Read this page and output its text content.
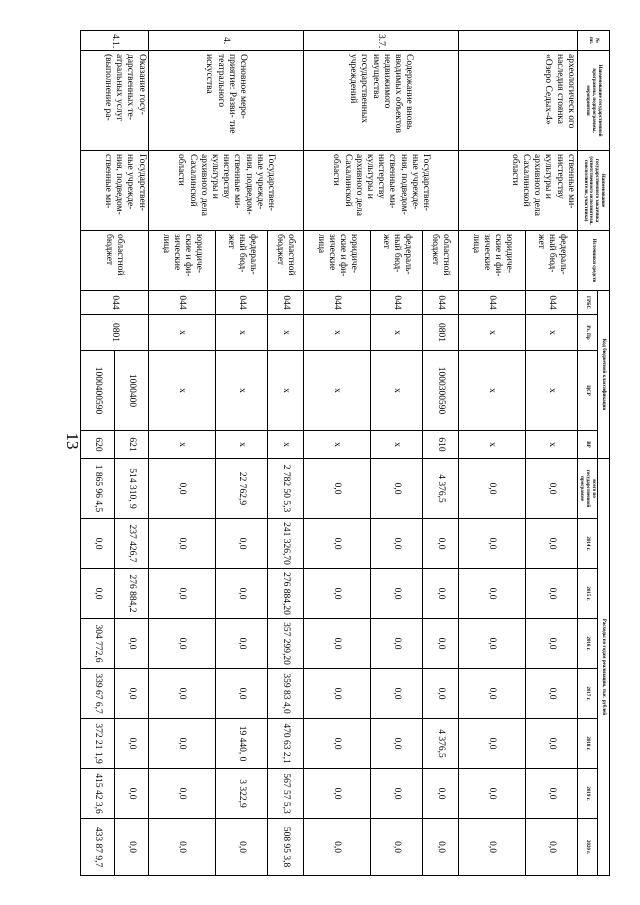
13
№ пп.	Наименование государственной программы, подпрограммы, мероприятия	Наименование государственного заказчика (ответственного исполнителя, соисполнителя, участника)	Источники средств	Код бюджетной классификации				Расходы по годам реализации, тыс. рублей							
				ГРБС	Рз, Пр	ЦСР	ВР	всего по государственной программе	2014 г.	2015 г.	2016 г.	2017 г.	2018 г.	2019 г.	2020 г.
	археологическ ого наследия стоянка «Озеро Седых-4»	ственные ми- нистерству культуры и архивного дела Сахалинской области	федераль- ный бюд- жет	044	x	x	x	0,0	0,0	0,0	0,0	0,0	0,0	0,0	0,0
			юридиче- ские и фи- зические лица	044	x	x	x	0,0	0,0	0,0	0,0	0,0	0,0	0,0	0,0
3.7.	Содержание вновь вводимых объектов недвижимого имущества государственных учреждений	Государствен- ные учрежде- ния, подведом- ственные ми- нистерству культуры и архивного дела Сахалинской области	областной бюджет	044	0801	1000300590	610	4 376,5	0,0	0,0	0,0	0,0	4 376,5	0,0	0,0
			федераль- ный бюд- жет	044	x	x	x	0,0	0,0	0,0	0,0	0,0	0,0	0,0	0,0
			юридиче- ские и фи- зические лица	044	x	x	x	0,0	0,0	0,0	0,0	0,0	0,0	0,0	0,0
4.	Основное меро- приятие: Разви- тие театрального искусства	Государствен- ные учрежде- ния, подведом- ственные ми- нистерству культуры и архивного дела Сахалинской области	областной бюджет	044	x	x	x	2 782 50 5,3	241 326,70	276 884,20	357 299,20	359 83 4,0	470 63 2,1	567 57 5,3	508 95 3,8
			федераль- ный бюд- жет	044	x	x	x	22 762,9	0,0	0,0	0,0	0,0	19 440, 0	3 322,9	0,0
			юридиче- ские и фи- зические лица	044	x	x	x	0,0	0,0	0,0	0,0	0,0	0,0	0,0	0,0
4.1.	Оказание госу- дарственных те- атральных услуг (выполнение ра-	Государствен- ные учрежде- ния, подведом- ственные ми-	областной бюджет	044	0801	1000400	621	514 310, 9	237 426,7	276 884,2	0,0	0,0	0,0	0,0	0,0
						1000400590	620	1 865 96 4,5	0,0	0,0	304 772,6	339 67 6,7	372 21 1,9	415 42 3,6	433 87 9,7
